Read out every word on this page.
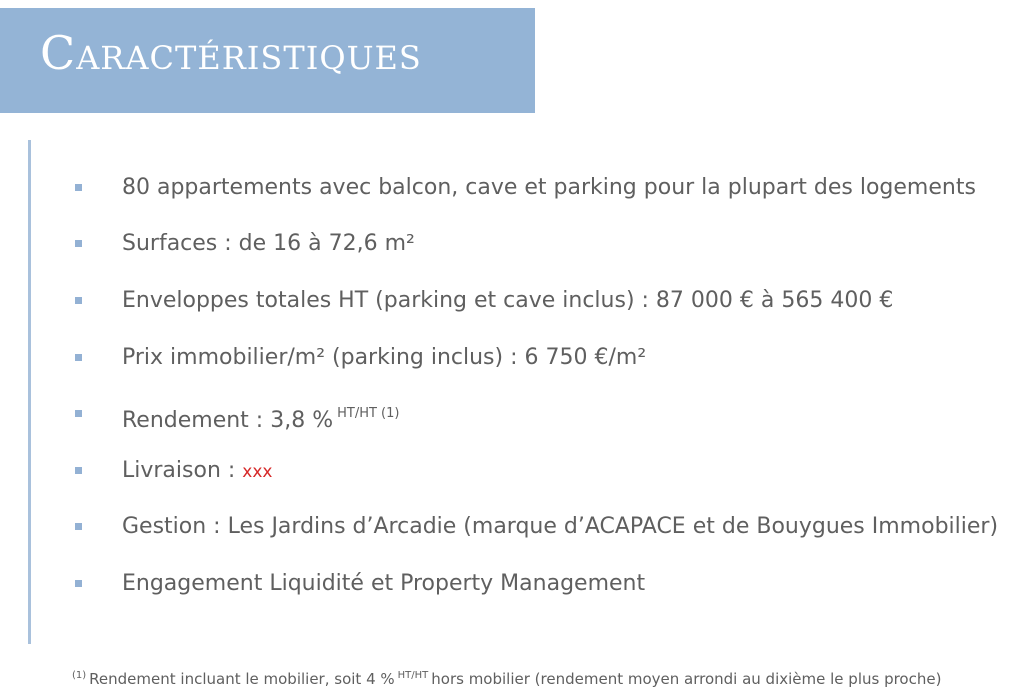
Caractéristiques
80 appartements avec balcon, cave et parking pour la plupart des logements
Surfaces : de 16 à 72,6 m²
Enveloppes totales HT (parking et cave inclus) : 87 000 € à 565 400 €
Prix immobilier/m² (parking inclus) : 6 750 €/m²
Rendement : 3,8 % $^{HT/HT (1)}$
Livraison : xxx
Gestion : Les Jardins d’Arcadie (marque d’ACAPACE et de Bouygues Immobilier)
Engagement Liquidité et Property Management
$^{(1)}$ Rendement incluant le mobilier, soit 4 % $^{HT/HT}$ hors mobilier (rendement moyen arrondi au dixième le plus proche)
